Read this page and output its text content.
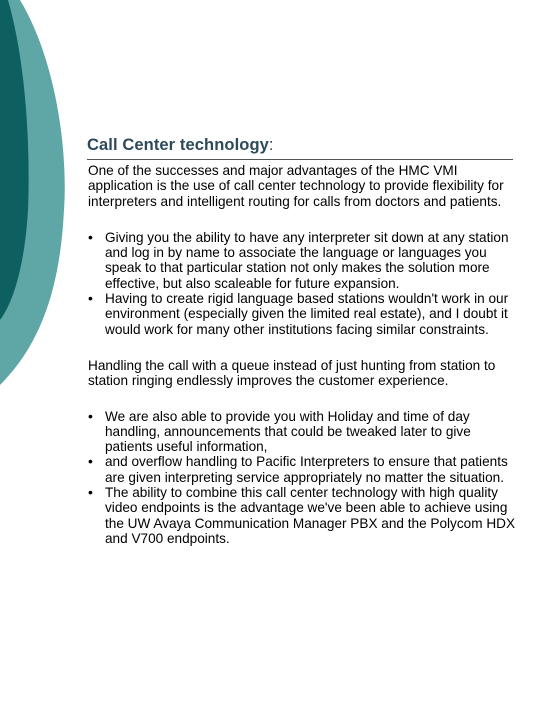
Call Center technology:

One of the successes and major advantages of the HMC VMI application is the use of call center technology to provide flexibility for interpreters and intelligent routing for calls from doctors and patients.

• Giving you the ability to have any interpreter sit down at any station and log in by name to associate the language or languages you speak to that particular station not only makes the solution more effective, but also scaleable for future expansion.
• Having to create rigid language based stations wouldn't work in our environment (especially given the limited real estate), and I doubt it would work for many other institutions facing similar constraints.

Handling the call with a queue instead of just hunting from station to station ringing endlessly improves the customer experience.

• We are also able to provide you with Holiday and time of day handling, announcements that could be tweaked later to give patients useful information,
• and overflow handling to Pacific Interpreters to ensure that patients are given interpreting service appropriately no matter the situation.
• The ability to combine this call center technology with high quality video endpoints is the advantage we've been able to achieve using the UW Avaya Communication Manager PBX and the Polycom HDX and V700 endpoints.
